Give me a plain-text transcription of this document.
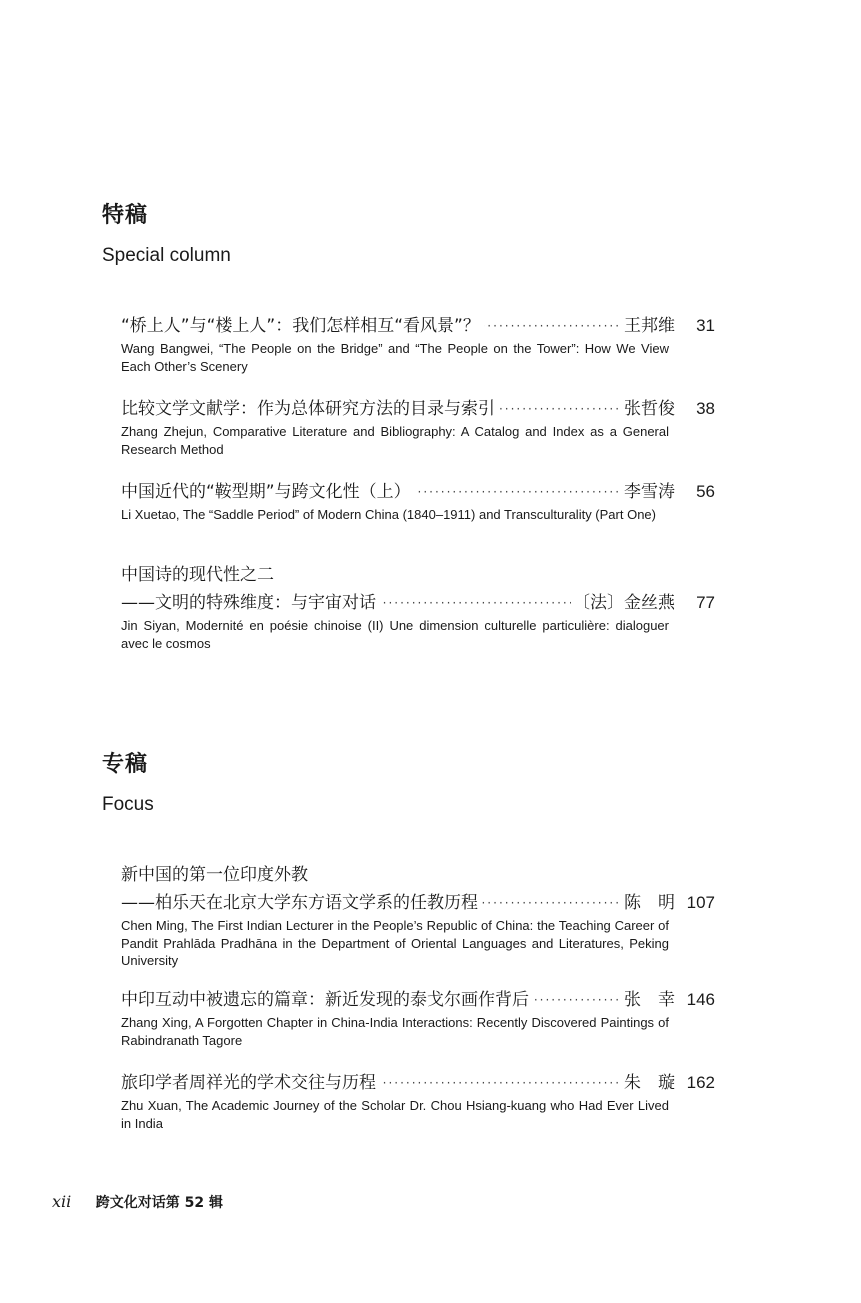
特稿
Special column
“桥上人”与“楼上人”：我们怎样相互“看风景”？	王邦维	31
Wang Bangwei, “The People on the Bridge” and “The People on the Tower”: How We View Each Other’s Scenery
比较文学文献学：作为总体研究方法的目录与索引	张哲俊	38
Zhang Zhejun, Comparative Literature and Bibliography: A Catalog and Index as a General Research Method
中国近代的“鞍型期”与跨文化性（上）	李雪涛	56
Li Xuetao, The “Saddle Period” of Modern China (1840–1911) and Transculturality (Part One)
中国诗的现代性之二
——文明的特殊维度：与宇宙对话	〔法〕金丝燕	77
Jin Siyan, Modernité en poésie chinoise (II) Une dimension culturelle particulière: dialoguer avec le cosmos
专稿
Focus
新中国的第一位印度外教
——柏乐天在北京大学东方语文学系的任教历程	陈　明 107
Chen Ming, The First Indian Lecturer in the People’s Republic of China: the Teaching Career of Pandit Prahlāda Pradhāna in the Department of Oriental Languages and Literatures, Peking University
中印互动中被遗忘的篇章：新近发现的泰戈尔画作背后	张　幸 146
Zhang Xing, A Forgotten Chapter in China-India Interactions: Recently Discovered Paintings of Rabindranath Tagore
旅印学者周祥光的学术交往与历程	朱　璇 162
Zhu Xuan, The Academic Journey of the Scholar Dr. Chou Hsiang-kuang who Had Ever Lived in India
xii 跨文化对话第 52 辑
